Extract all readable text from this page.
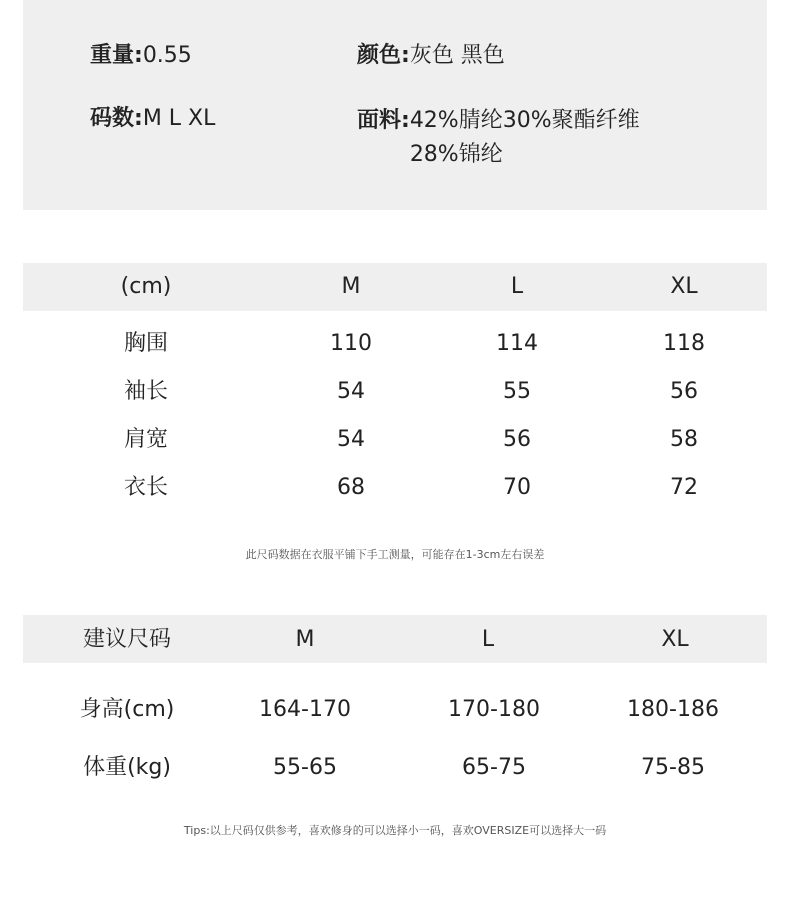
重量:0.55	颜色:灰色 黑色
码数:M L XL	面料:42%腈纶30%聚酯纤维
28%锦纶
(cm)	M	L	XL
胸围	110	114	118
袖长	54	55	56
肩宽	54	56	58
衣长	68	70	72
此尺码数据在衣服平铺下手工测量，可能存在1-3cm左右误差
建议尺码	M	L	XL
身高(cm)	164-170	170-180	180-186
体重(kg)	55-65	65-75	75-85
Tips:以上尺码仅供参考，喜欢修身的可以选择小一码，喜欢OVERSIZE可以选择大一码
